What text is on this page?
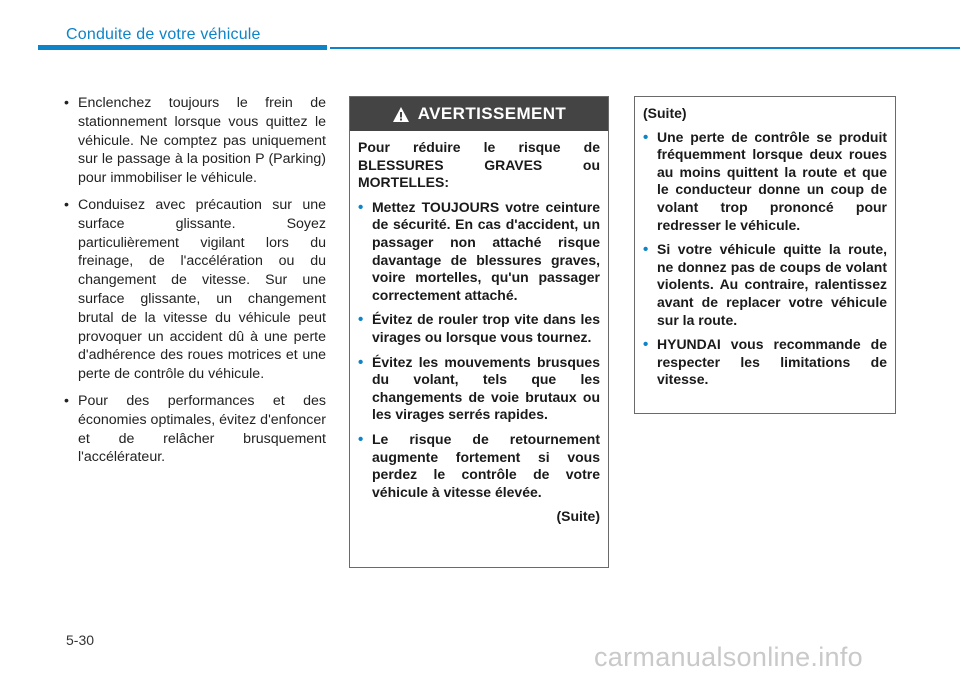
Conduite de votre véhicule
• Enclenchez toujours le frein de stationnement lorsque vous quittez le véhicule. Ne comptez pas uniquement sur le passage à la position P (Parking) pour immobiliser le véhicule.
• Conduisez avec précaution sur une surface glissante. Soyez particulièrement vigilant lors du freinage, de l'accélération ou du changement de vitesse. Sur une surface glissante, un changement brutal de la vitesse du véhicule peut provoquer un accident dû à une perte d'adhérence des roues motrices et une perte de contrôle du véhicule.
• Pour des performances et des économies optimales, évitez d'enfoncer et de relâcher brusquement l'accélérateur.
AVERTISSEMENT
Pour réduire le risque de BLESSURES GRAVES ou MORTELLES:
• Mettez TOUJOURS votre ceinture de sécurité. En cas d'accident, un passager non attaché risque davantage de blessures graves, voire mortelles, qu'un passager correctement attaché.
• Évitez de rouler trop vite dans les virages ou lorsque vous tournez.
• Évitez les mouvements brusques du volant, tels que les changements de voie brutaux ou les virages serrés rapides.
• Le risque de retournement augmente fortement si vous perdez le contrôle de votre véhicule à vitesse élevée.
(Suite)
(Suite)
• Une perte de contrôle se produit fréquemment lorsque deux roues au moins quittent la route et que le conducteur donne un coup de volant trop prononcé pour redresser le véhicule.
• Si votre véhicule quitte la route, ne donnez pas de coups de volant violents. Au contraire, ralentissez avant de replacer votre véhicule sur la route.
• HYUNDAI vous recommande de respecter les limitations de vitesse.
5-30
carmanualsonline.info
